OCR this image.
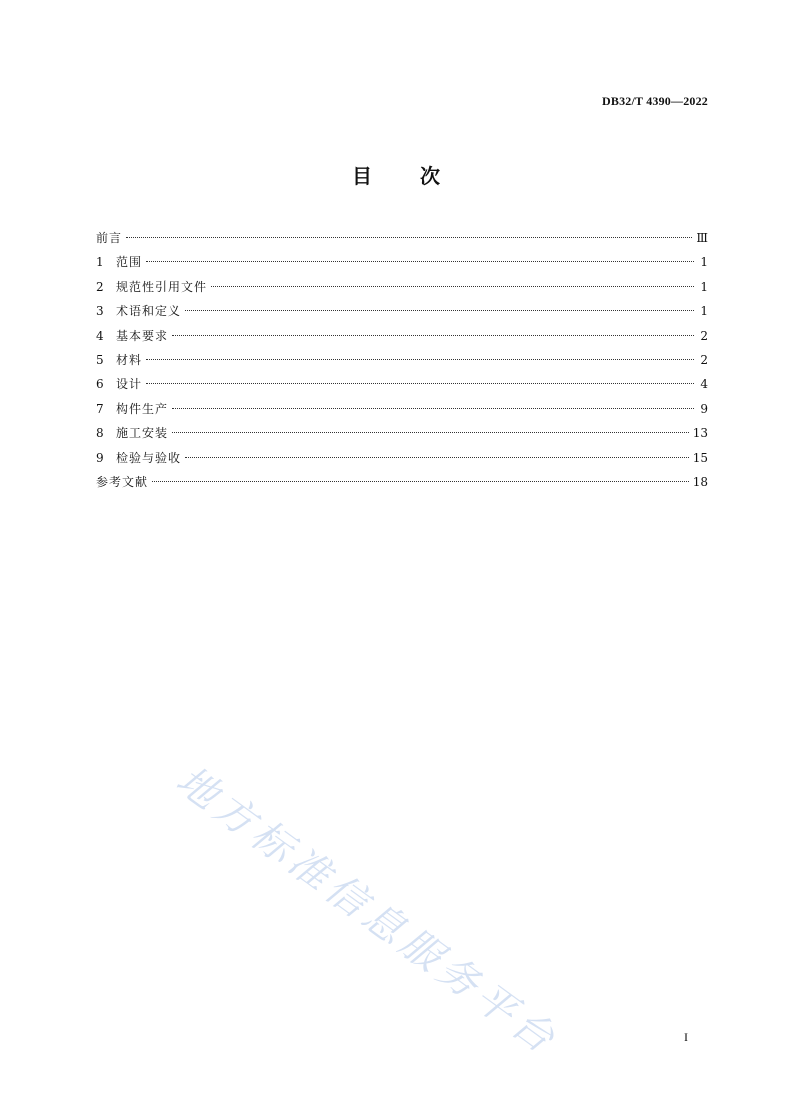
DB32/T 4390—2022
目 次
前言	Ⅲ
1	范围	1
2	规范性引用文件	1
3	术语和定义	1
4	基本要求	2
5	材料	2
6	设计	4
7	构件生产	9
8	施工安装	13
9	检验与验收	15
参考文献	18
地方标准信息服务平台	I
